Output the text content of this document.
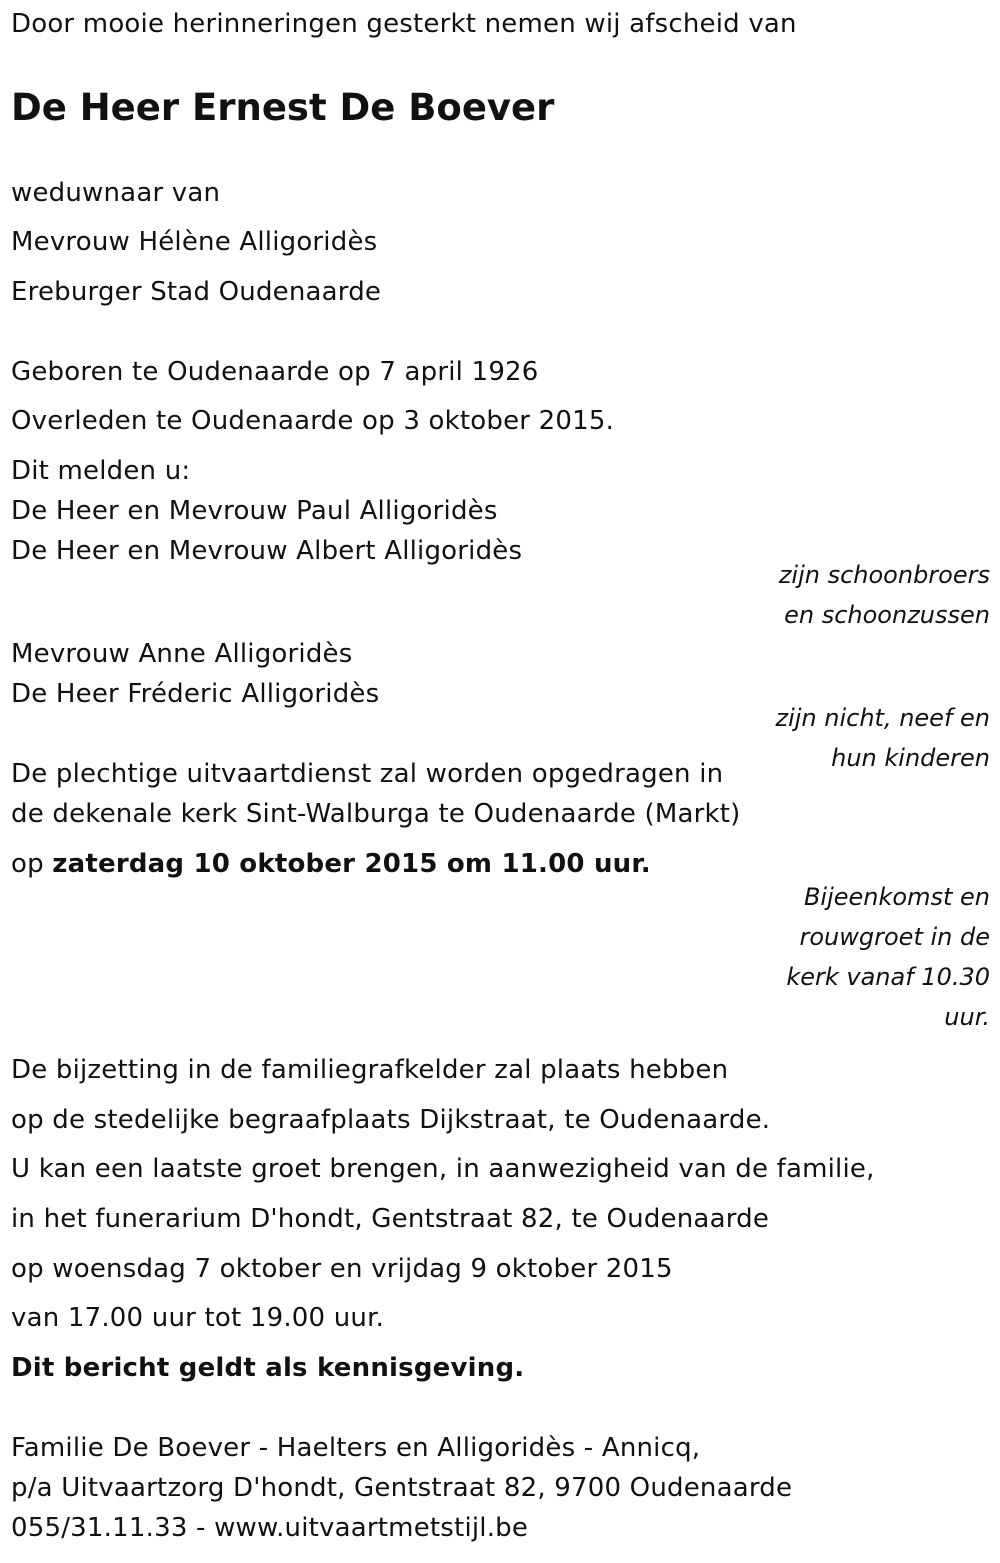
Door mooie herinneringen gesterkt nemen wij afscheid van
De Heer Ernest De Boever
weduwnaar van
Mevrouw Hélène Alligoridès
Ereburger Stad Oudenaarde
Geboren te Oudenaarde op 7 april 1926
Overleden te Oudenaarde op 3 oktober 2015.
Dit melden u:
De Heer en Mevrouw Paul Alligoridès
De Heer en Mevrouw Albert Alligoridès
zijn schoonbroers
en schoonzussen
Mevrouw Anne Alligoridès
De Heer Fréderic Alligoridès
zijn nicht, neef en
hun kinderen
De plechtige uitvaartdienst zal worden opgedragen in
de dekenale kerk Sint-Walburga te Oudenaarde (Markt)
op zaterdag 10 oktober 2015 om 11.00 uur.
Bijeenkomst en
rouwgroet in de
kerk vanaf 10.30
uur.
De bijzetting in de familiegrafkelder zal plaats hebben
op de stedelijke begraafplaats Dijkstraat, te Oudenaarde.
U kan een laatste groet brengen, in aanwezigheid van de familie,
in het funerarium D'hondt, Gentstraat 82, te Oudenaarde
op woensdag 7 oktober en vrijdag 9 oktober 2015
van 17.00 uur tot 19.00 uur.
Dit bericht geldt als kennisgeving.
Familie De Boever - Haelters en Alligoridès - Annicq,
p/a Uitvaartzorg D'hondt, Gentstraat 82, 9700 Oudenaarde
055/31.11.33 - www.uitvaartmetstijl.be
